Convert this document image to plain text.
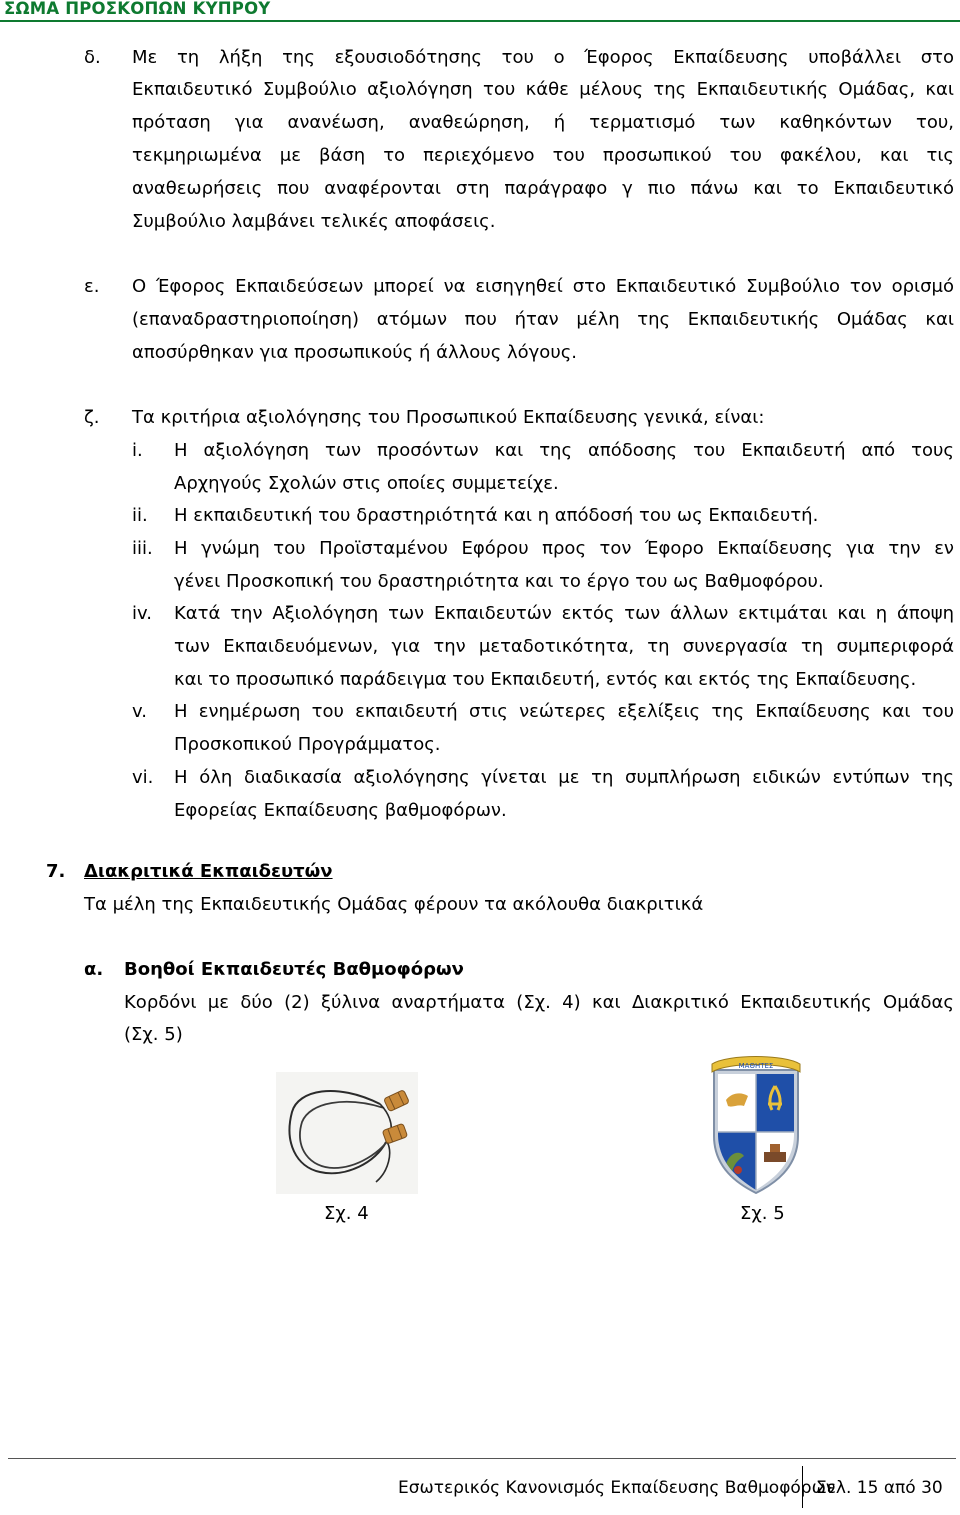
ΣΩΜΑ ΠΡΟΣΚΟΠΩΝ ΚΥΠΡΟΥ
δ. Με τη λήξη της εξουσιοδότησης του ο Έφορος Εκπαίδευσης υποβάλλει στο
Εκπαιδευτικό Συμβούλιο αξιολόγηση του κάθε μέλους της Εκπαιδευτικής Ομάδας, και
πρόταση για ανανέωση, αναθεώρηση, ή τερματισμό των καθηκόντων του,
τεκμηριωμένα με βάση το περιεχόμενο του προσωπικού του φακέλου, και τις
αναθεωρήσεις που αναφέρονται στη παράγραφο γ πιο πάνω και το Εκπαιδευτικό
Συμβούλιο λαμβάνει τελικές αποφάσεις.
ε. Ο Έφορος Εκπαιδεύσεων μπορεί να εισηγηθεί στο Εκπαιδευτικό Συμβούλιο τον ορισμό
(επαναδραστηριοποίηση) ατόμων που ήταν μέλη της Εκπαιδευτικής Ομάδας και
αποσύρθηκαν για προσωπικούς ή άλλους λόγους.
ζ. Τα κριτήρια αξιολόγησης του Προσωπικού Εκπαίδευσης γενικά, είναι:
i. Η αξιολόγηση των προσόντων και της απόδοσης του Εκπαιδευτή από τους
Αρχηγούς Σχολών στις οποίες συμμετείχε.
ii. Η εκπαιδευτική του δραστηριότητά και η απόδοσή του ως Εκπαιδευτή.
iii. Η γνώμη του Προϊσταμένου Εφόρου προς τον Έφορο Εκπαίδευσης για την εν
γένει Προσκοπική του δραστηριότητα και το έργο του ως Βαθμοφόρου.
iv. Κατά την Αξιολόγηση των Εκπαιδευτών εκτός των άλλων εκτιμάται και η άποψη
των Εκπαιδευόμενων, για την μεταδοτικότητα, τη συνεργασία τη συμπεριφορά
και το προσωπικό παράδειγμα του Εκπαιδευτή, εντός και εκτός της Εκπαίδευσης.
v. Η ενημέρωση του εκπαιδευτή στις νεώτερες εξελίξεις της Εκπαίδευσης και του
Προσκοπικού Προγράμματος.
vi. Η όλη διαδικασία αξιολόγησης γίνεται με τη συμπλήρωση ειδικών εντύπων της
Εφορείας Εκπαίδευσης βαθμοφόρων.
7. Διακριτικά Εκπαιδευτών
Τα μέλη της Εκπαιδευτικής Ομάδας φέρουν τα ακόλουθα διακριτικά
α. Βοηθοί Εκπαιδευτές Βαθμοφόρων
Κορδόνι με δύο (2) ξύλινα αναρτήματα (Σχ. 4) και Διακριτικό Εκπαιδευτικής Ομάδας
(Σχ. 5)
ΜΑΘΗΤΕΣ
Σχ. 4	Σχ. 5
Εσωτερικός Κανονισμός Εκπαίδευσης Βαθμοφόρων
Σελ. 15 από 30
